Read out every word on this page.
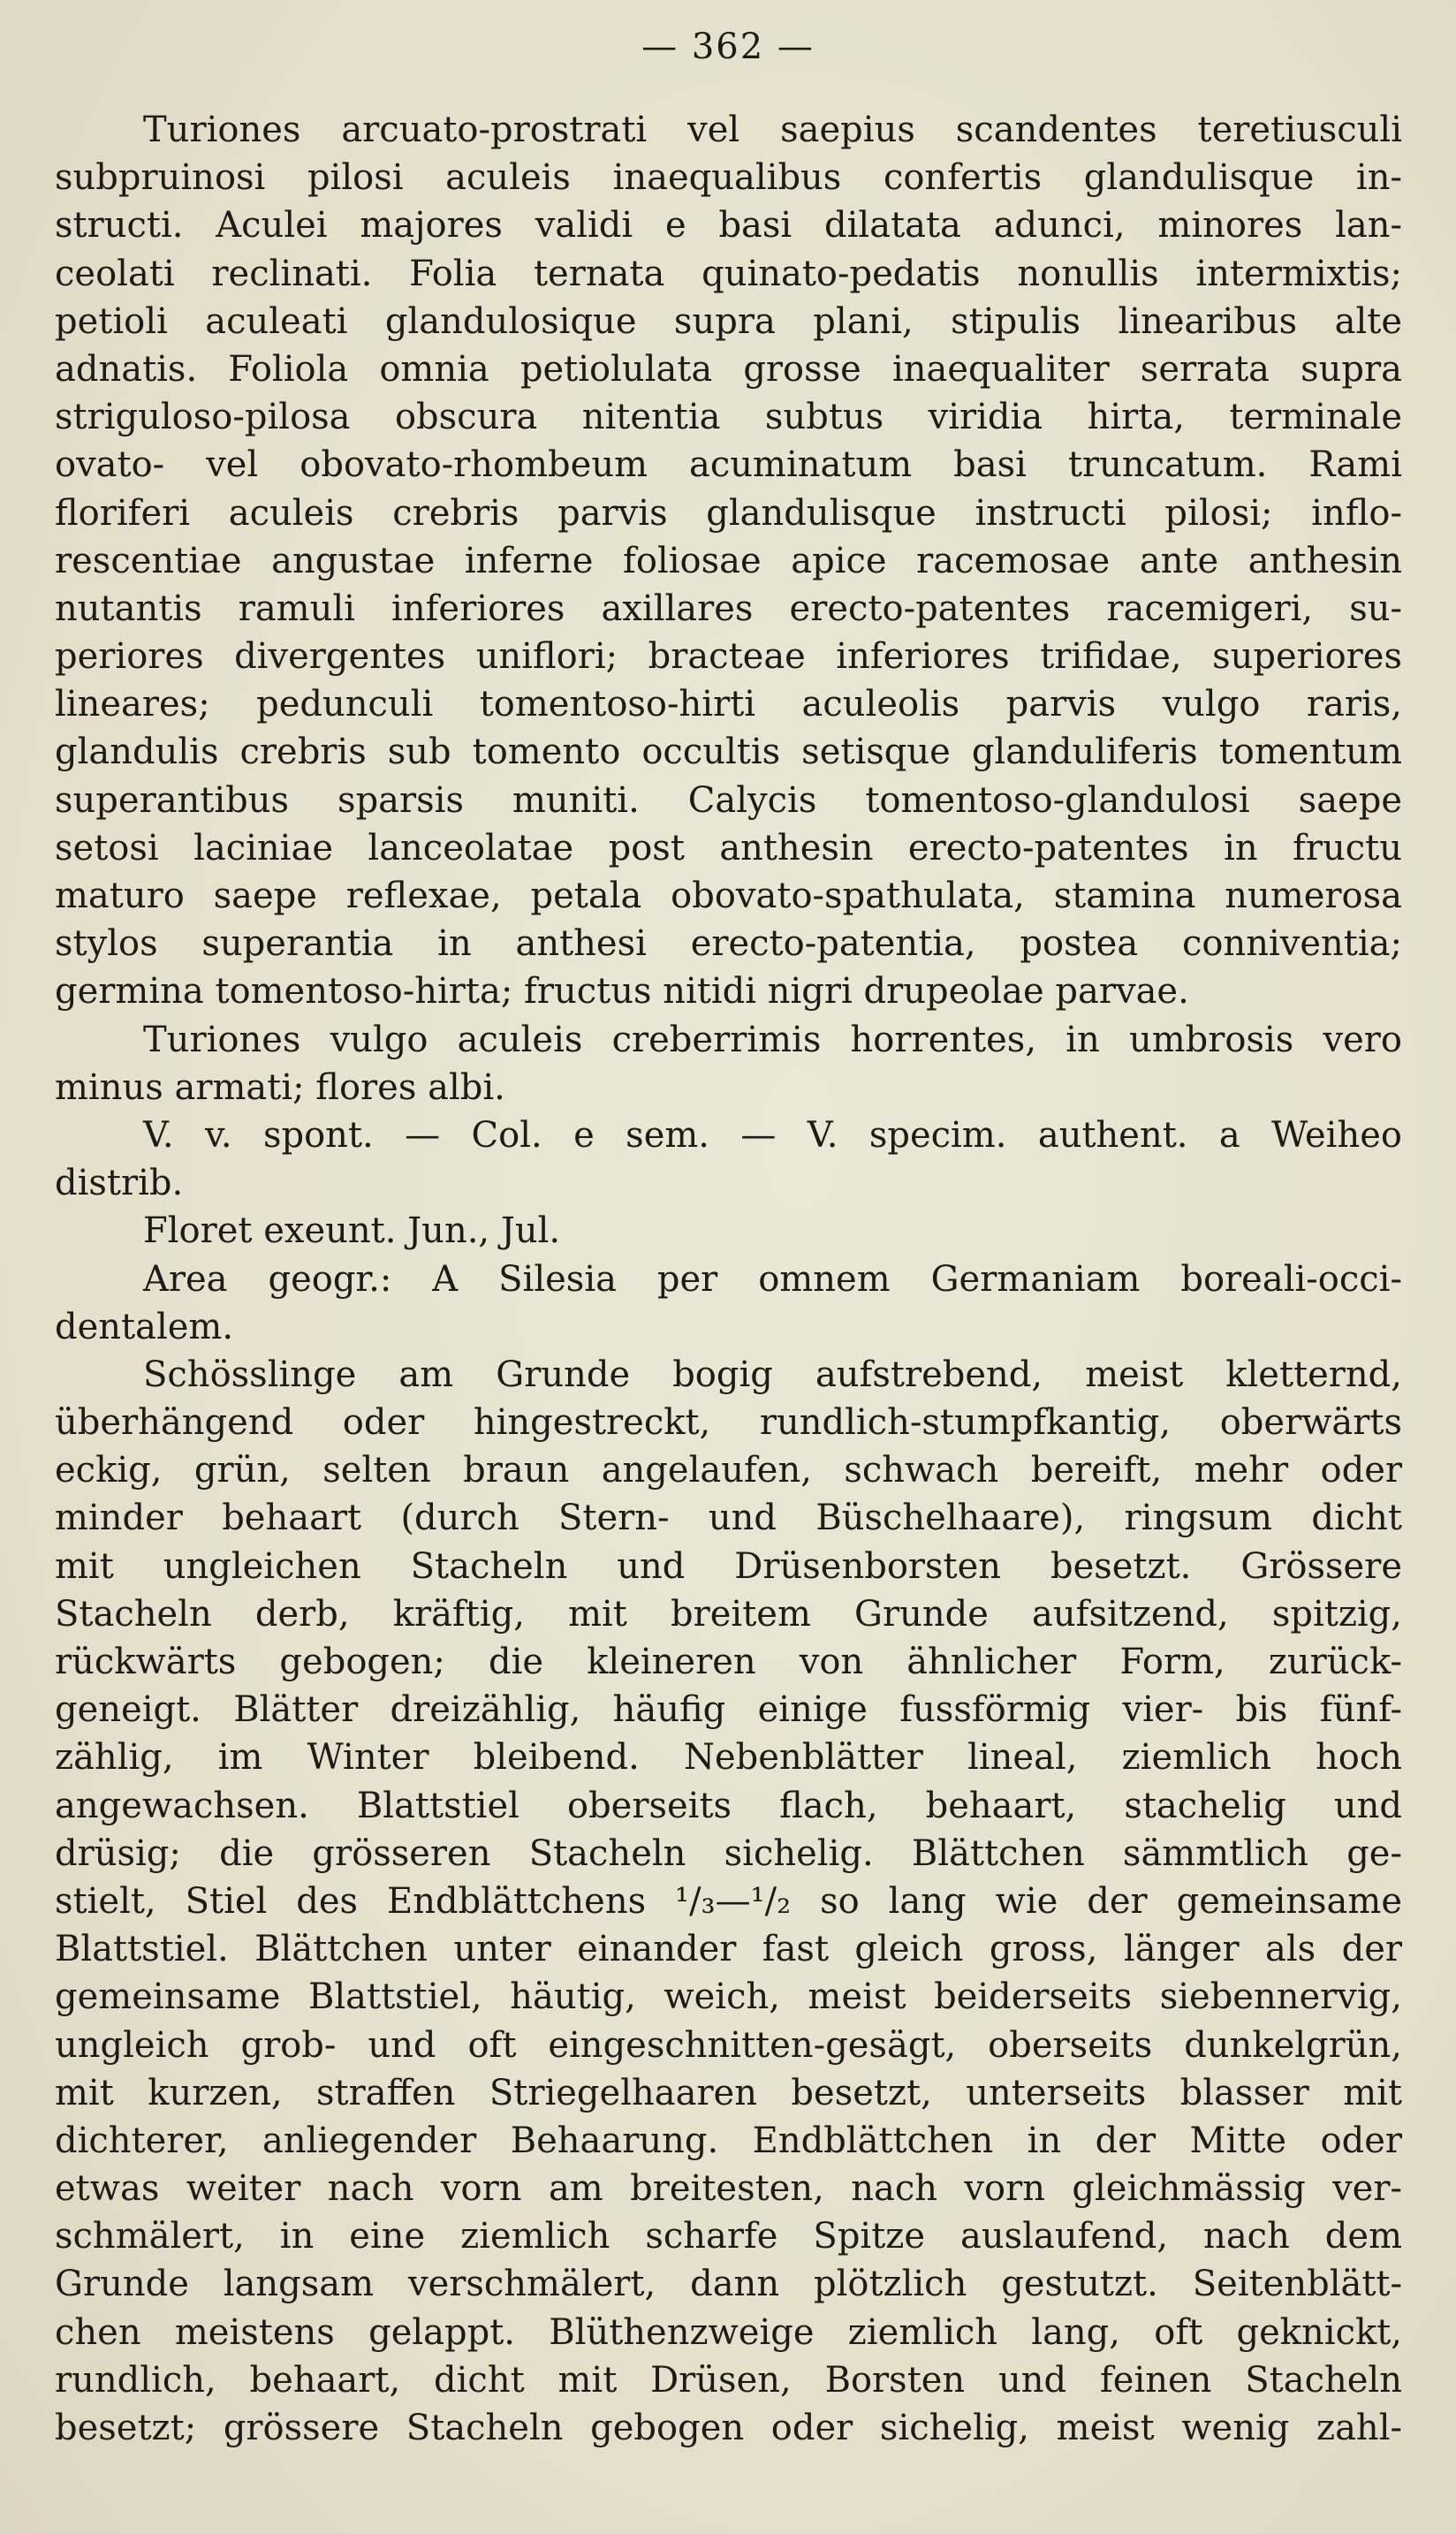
— 362 —
Turiones arcuato-prostrati vel saepius scandentes teretiusculi
subpruinosi pilosi aculeis inaequalibus confertis glandulisque in-
structi. Aculei majores validi e basi dilatata adunci, minores lan-
ceolati reclinati. Folia ternata quinato-pedatis nonullis intermixtis;
petioli aculeati glandulosique supra plani, stipulis linearibus alte
adnatis. Foliola omnia petiolulata grosse inaequaliter serrata supra
striguloso-pilosa obscura nitentia subtus viridia hirta, terminale
ovato- vel obovato-rhombeum acuminatum basi truncatum. Rami
floriferi aculeis crebris parvis glandulisque instructi pilosi; inflo-
rescentiae angustae inferne foliosae apice racemosae ante anthesin
nutantis ramuli inferiores axillares erecto-patentes racemigeri, su-
periores divergentes uniflori; bracteae inferiores trifidae, superiores
lineares; pedunculi tomentoso-hirti aculeolis parvis vulgo raris,
glandulis crebris sub tomento occultis setisque glanduliferis tomentum
superantibus sparsis muniti. Calycis tomentoso-glandulosi saepe
setosi laciniae lanceolatae post anthesin erecto-patentes in fructu
maturo saepe reflexae, petala obovato-spathulata, stamina numerosa
stylos superantia in anthesi erecto-patentia, postea conniventia;
germina tomentoso-hirta; fructus nitidi nigri drupeolae parvae.
Turiones vulgo aculeis creberrimis horrentes, in umbrosis vero
minus armati; flores albi.
V. v. spont. — Col. e sem. — V. specim. authent. a Weiheo
distrib.
Floret exeunt. Jun., Jul.
Area geogr.: A Silesia per omnem Germaniam boreali-occi-
dentalem.
Schösslinge am Grunde bogig aufstrebend, meist kletternd,
überhängend oder hingestreckt, rundlich-stumpfkantig, oberwärts
eckig, grün, selten braun angelaufen, schwach bereift, mehr oder
minder behaart (durch Stern- und Büschelhaare), ringsum dicht
mit ungleichen Stacheln und Drüsenborsten besetzt. Grössere
Stacheln derb, kräftig, mit breitem Grunde aufsitzend, spitzig,
rückwärts gebogen; die kleineren von ähnlicher Form, zurück-
geneigt. Blätter dreizählig, häufig einige fussförmig vier- bis fünf-
zählig, im Winter bleibend. Nebenblätter lineal, ziemlich hoch
angewachsen. Blattstiel oberseits flach, behaart, stachelig und
drüsig; die grösseren Stacheln sichelig. Blättchen sämmtlich ge-
stielt, Stiel des Endblättchens ¹/₃—¹/₂ so lang wie der gemeinsame
Blattstiel. Blättchen unter einander fast gleich gross, länger als der
gemeinsame Blattstiel, häutig, weich, meist beiderseits siebennervig,
ungleich grob- und oft eingeschnitten-gesägt, oberseits dunkelgrün,
mit kurzen, straffen Striegelhaaren besetzt, unterseits blasser mit
dichterer, anliegender Behaarung. Endblättchen in der Mitte oder
etwas weiter nach vorn am breitesten, nach vorn gleichmässig ver-
schmälert, in eine ziemlich scharfe Spitze auslaufend, nach dem
Grunde langsam verschmälert, dann plötzlich gestutzt. Seitenblätt-
chen meistens gelappt. Blüthenzweige ziemlich lang, oft geknickt,
rundlich, behaart, dicht mit Drüsen, Borsten und feinen Stacheln
besetzt; grössere Stacheln gebogen oder sichelig, meist wenig zahl-
